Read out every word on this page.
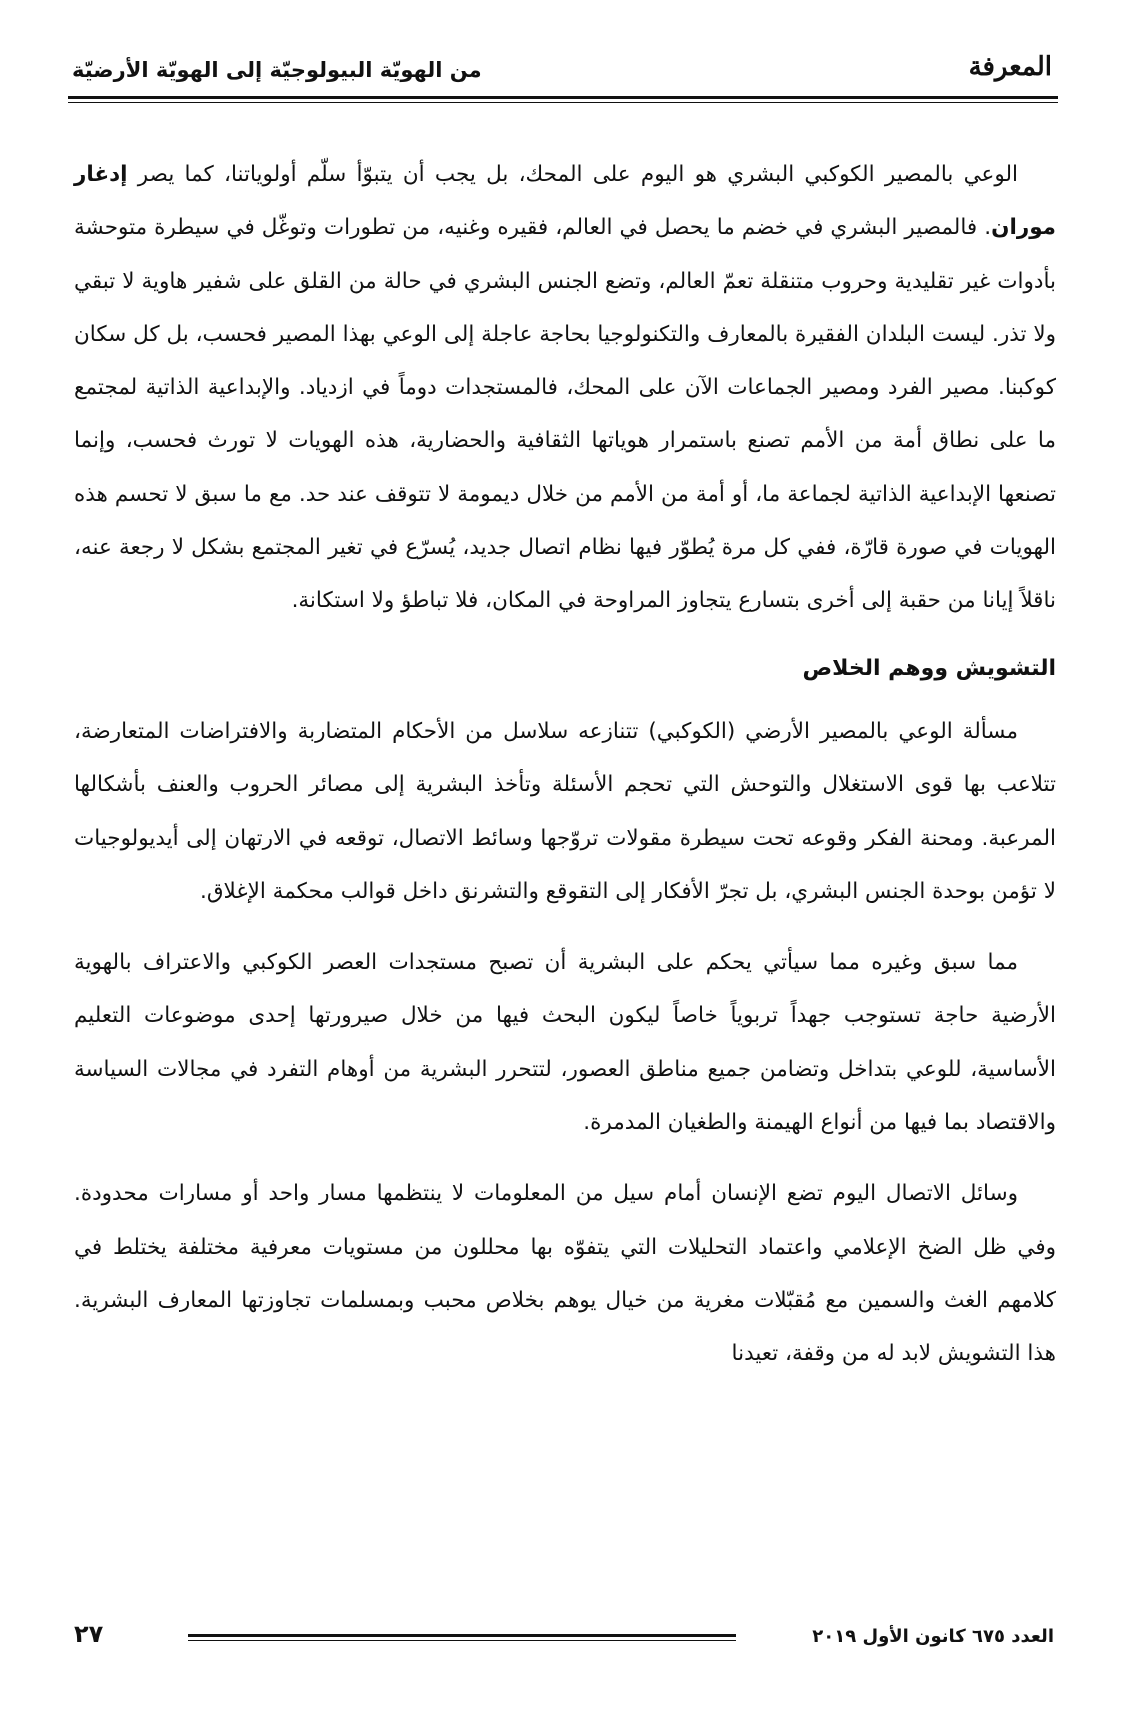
المعرفة
من الهويّة البيولوجيّة إلى الهويّة الأرضيّة

الوعي بالمصير الكوكبي البشري هو اليوم على المحك، بل يجب أن يتبوّأ سلّم أولوياتنا، كما يصر إدغار موران. فالمصير البشري في خضم ما يحصل في العالم، فقيره وغنيه، من تطورات وتوغّل في سيطرة متوحشة بأدوات غير تقليدية وحروب متنقلة تعمّ العالم، وتضع الجنس البشري في حالة من القلق على شفير هاوية لا تبقي ولا تذر. ليست البلدان الفقيرة بالمعارف والتكنولوجيا بحاجة عاجلة إلى الوعي بهذا المصير فحسب، بل كل سكان كوكبنا. مصير الفرد ومصير الجماعات الآن على المحك، فالمستجدات دوماً في ازدياد. والإبداعية الذاتية لمجتمع ما على نطاق أمة من الأمم تصنع باستمرار هوياتها الثقافية والحضارية، هذه الهويات لا تورث فحسب، وإنما تصنعها الإبداعية الذاتية لجماعة ما، أو أمة من الأمم من خلال ديمومة لا تتوقف عند حد. مع ما سبق لا تحسم هذه الهويات في صورة قارّة، ففي كل مرة يُطوّر فيها نظام اتصال جديد، يُسرّع في تغير المجتمع بشكل لا رجعة عنه، ناقلاً إيانا من حقبة إلى أخرى بتسارع يتجاوز المراوحة في المكان، فلا تباطؤ ولا استكانة.

التشويش ووهم الخلاص

مسألة الوعي بالمصير الأرضي (الكوكبي) تتنازعه سلاسل من الأحكام المتضاربة والافتراضات المتعارضة، تتلاعب بها قوى الاستغلال والتوحش التي تحجم الأسئلة وتأخذ البشرية إلى مصائر الحروب والعنف بأشكالها المرعبة. ومحنة الفكر وقوعه تحت سيطرة مقولات تروّجها وسائط الاتصال، توقعه في الارتهان إلى أيديولوجيات لا تؤمن بوحدة الجنس البشري، بل تجرّ الأفكار إلى التقوقع والتشرنق داخل قوالب محكمة الإغلاق.

مما سبق وغيره مما سيأتي يحكم على البشرية أن تصبح مستجدات العصر الكوكبي والاعتراف بالهوية الأرضية حاجة تستوجب جهداً تربوياً خاصاً ليكون البحث فيها من خلال صيرورتها إحدى موضوعات التعليم الأساسية، للوعي بتداخل وتضامن جميع مناطق العصور، لتتحرر البشرية من أوهام التفرد في مجالات السياسة والاقتصاد بما فيها من أنواع الهيمنة والطغيان المدمرة.

وسائل الاتصال اليوم تضع الإنسان أمام سيل من المعلومات لا ينتظمها مسار واحد أو مسارات محدودة. وفي ظل الضخ الإعلامي واعتماد التحليلات التي يتفوّه بها محللون من مستويات معرفية مختلفة يختلط في كلامهم الغث والسمين مع مُقبّلات مغرية من خيال يوهم بخلاص محبب وبمسلمات تجاوزتها المعارف البشرية. هذا التشويش لابد له من وقفة، تعيدنا

٢٧	العدد ٦٧٥ كانون الأول ٢٠١٩
